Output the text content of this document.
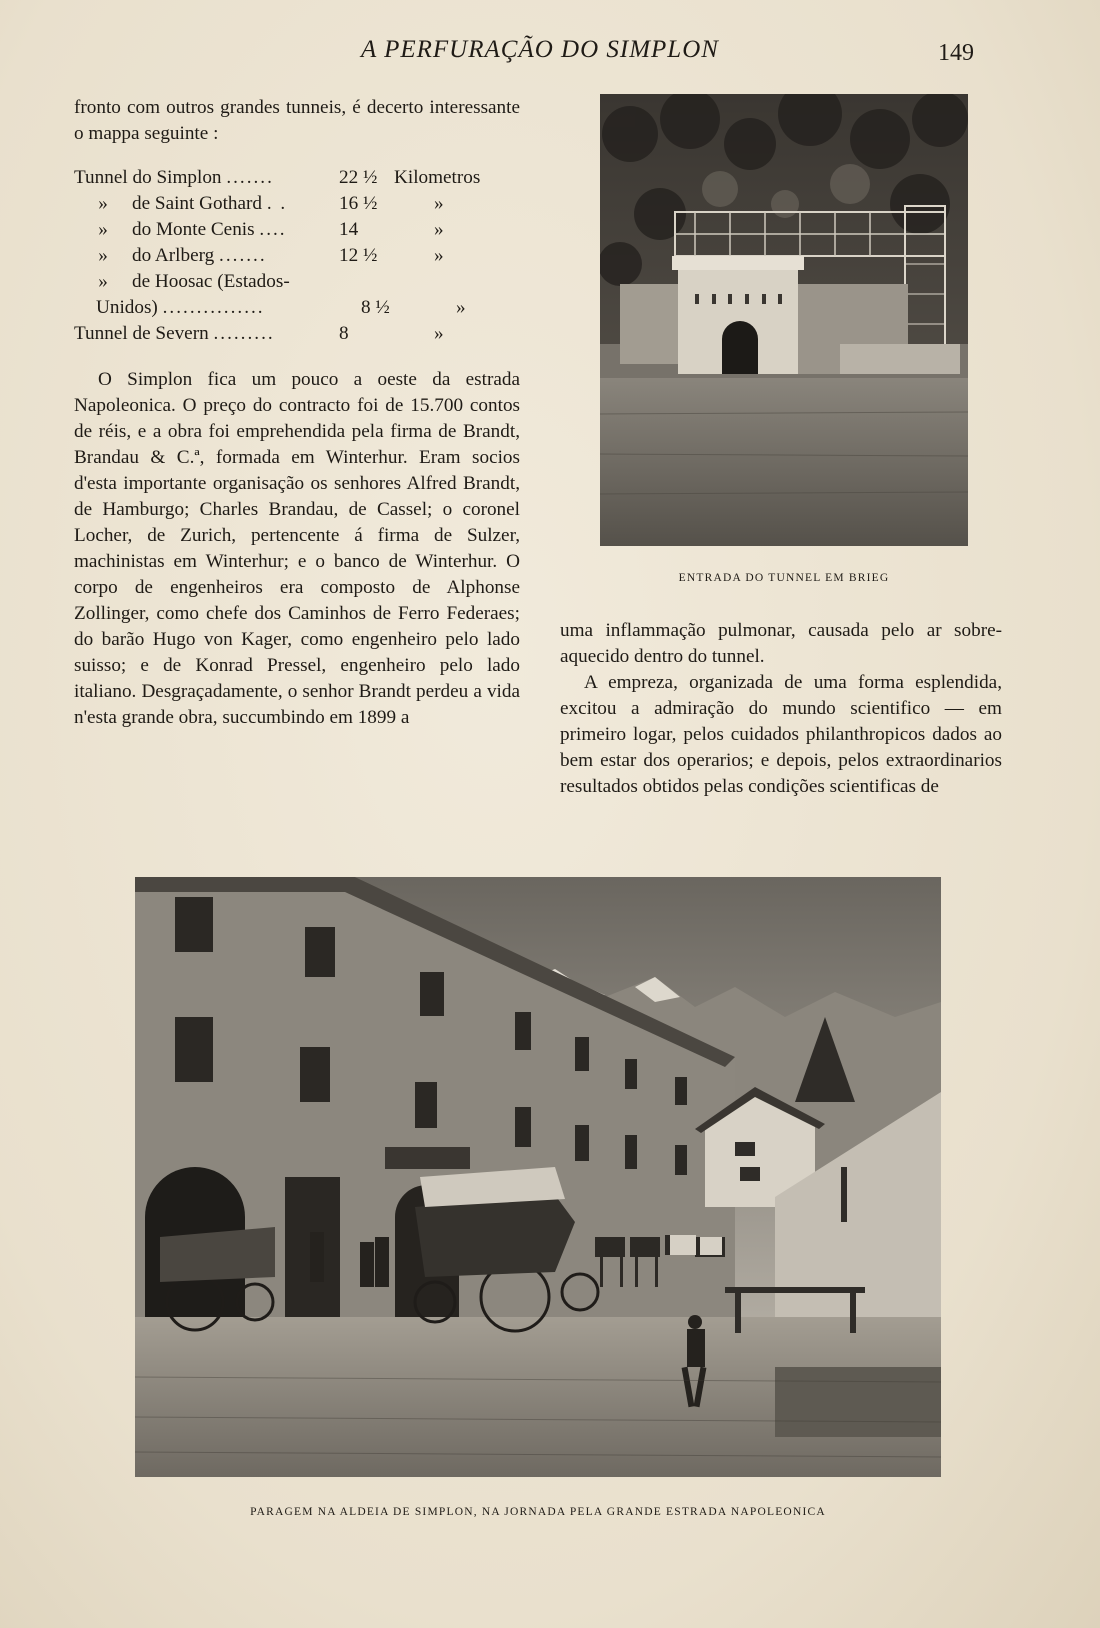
A PERFURAÇÃO DO SIMPLON	149

fronto com outros grandes tunneis, é decerto interessante o mappa seguinte :

Tunnel do Simplon .......	22 ½ Kilometros
» de Saint Gothard . .	16 ½	»
» do Monte Cenis ....	14	»
» do Arlberg .......	12 ½	»
» de Hoosac (Estados-
Unidos) ...............	8 ½	»
Tunnel de Severn .........	8	»

O Simplon fica um pouco a oeste da estrada Napoleonica. O preço do contracto foi de 15.700 contos de réis, e a obra foi emprehendida pela firma de Brandt, Brandau & C.ª, formada em Winterhur. Eram socios d'esta importante organisação os senhores Alfred Brandt, de Hamburgo; Charles Brandau, de Cassel; o coronel Locher, de Zurich, pertencente á firma de Sulzer, machinistas em Winterhur; e o banco de Winterhur. O corpo de engenheiros era composto de Alphonse Zollinger, como chefe dos Caminhos de Ferro Federaes; do barão Hugo von Kager, como engenheiro pelo lado suisso; e de Konrad Pressel, engenheiro pelo lado italiano. Desgraçadamente, o senhor Brandt perdeu a vida n'esta grande obra, succumbindo em 1899 a

ENTRADA DO TUNNEL EM BRIEG

uma inflammação pulmonar, causada pelo ar sobre-aquecido dentro do tunnel.

A empreza, organizada de uma forma esplendida, excitou a admiração do mundo scientifico — em primeiro logar, pelos cuidados philanthropicos dados ao bem estar dos operarios; e depois, pelos extraordinarios resultados obtidos pelas condições scientificas de

PARAGEM NA ALDEIA DE SIMPLON, NA JORNADA PELA GRANDE ESTRADA NAPOLEONICA
